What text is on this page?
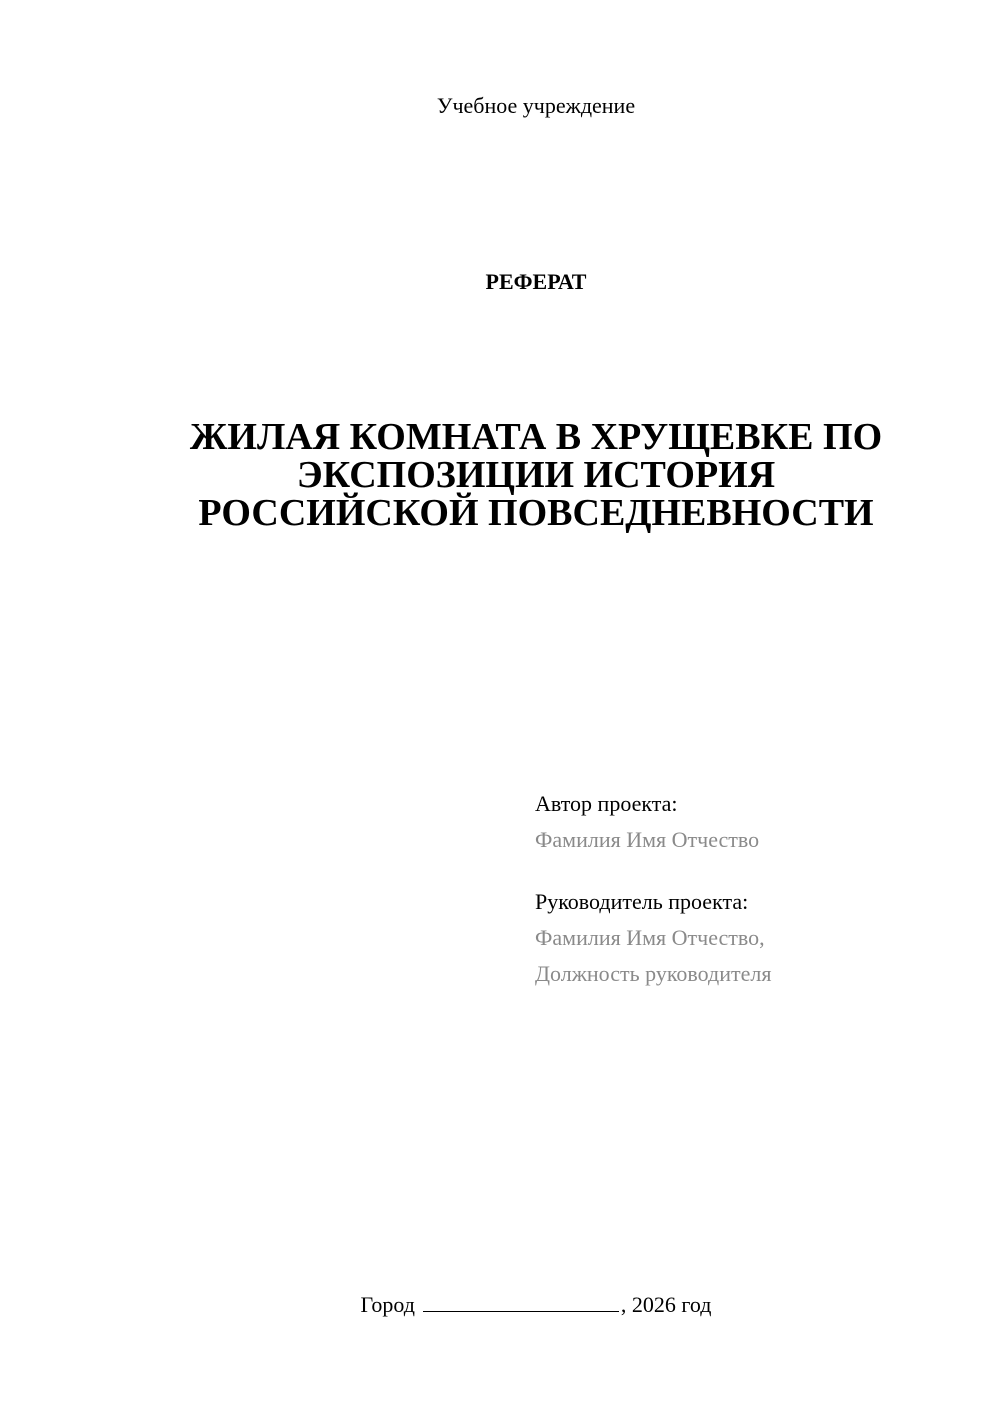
Учебное учреждение
РЕФЕРАТ
ЖИЛАЯ КОМНАТА В ХРУЩЕВКЕ ПО
ЭКСПОЗИЦИИ ИСТОРИЯ
РОССИЙСКОЙ ПОВСЕДНЕВНОСТИ
Автор проекта:
Фамилия Имя Отчество
Руководитель проекта:
Фамилия Имя Отчество,
Должность руководителя
Город	, 2026 год
